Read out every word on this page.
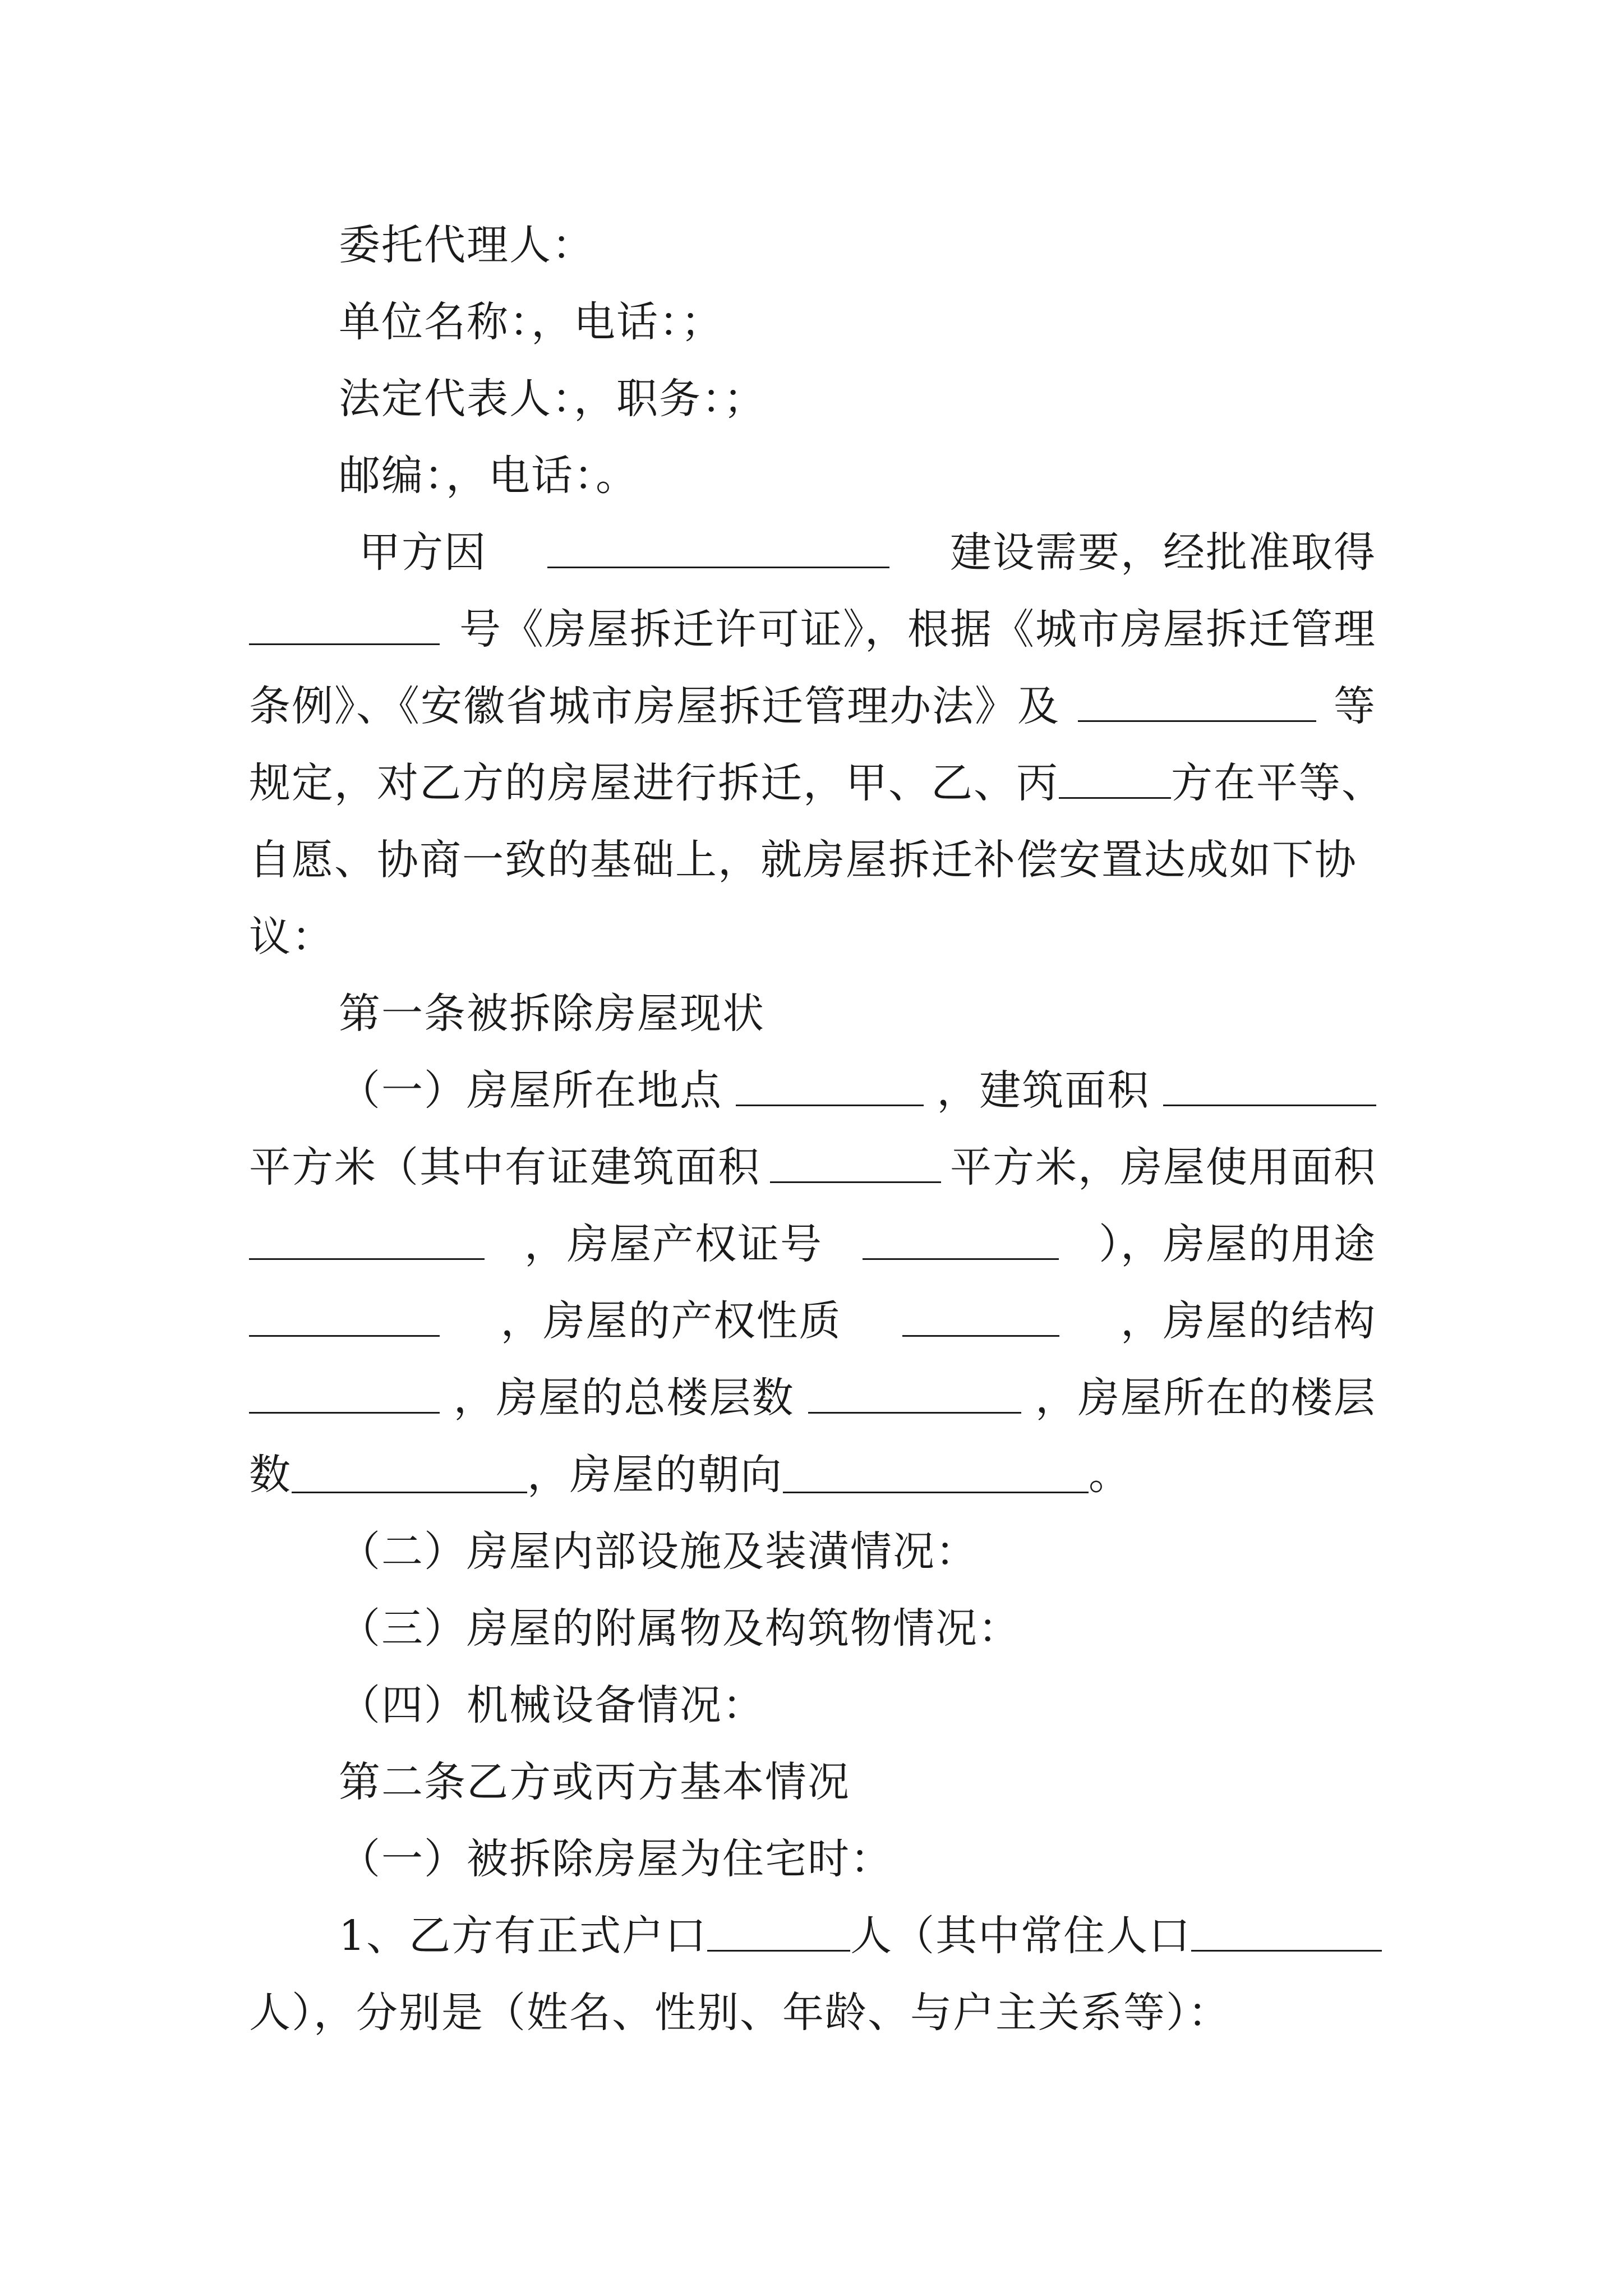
委托代理人：
单位名称：，电话：；
法定代表人：，职务：；
邮编：，电话：。
甲方因	建设需要，经批准取得
号《房屋拆迁许可证》，根据《城市房屋拆迁管理
条例》、《安徽省城市房屋拆迁管理办法》及	等
规定，对乙方的房屋进行拆迁，甲、乙、丙	方在平等、
自愿、协商一致的基础上，就房屋拆迁补偿安置达成如下协
议：
第一条被拆除房屋现状
（一）房屋所在地点	，建筑面积
平方米（其中有证建筑面积	平方米，房屋使用面积
，房屋产权证号	），房屋的用途
，房屋的产权性质	，房屋的结构
，房屋的总楼层数	，房屋所在的楼层
数	，房屋的朝向	。
（二）房屋内部设施及装潢情况：
（三）房屋的附属物及构筑物情况：
（四）机械设备情况：
第二条乙方或丙方基本情况
（一）被拆除房屋为住宅时：
1、乙方有正式户口	人（其中常住人口
人），分别是（姓名、性别、年龄、与户主关系等）：
